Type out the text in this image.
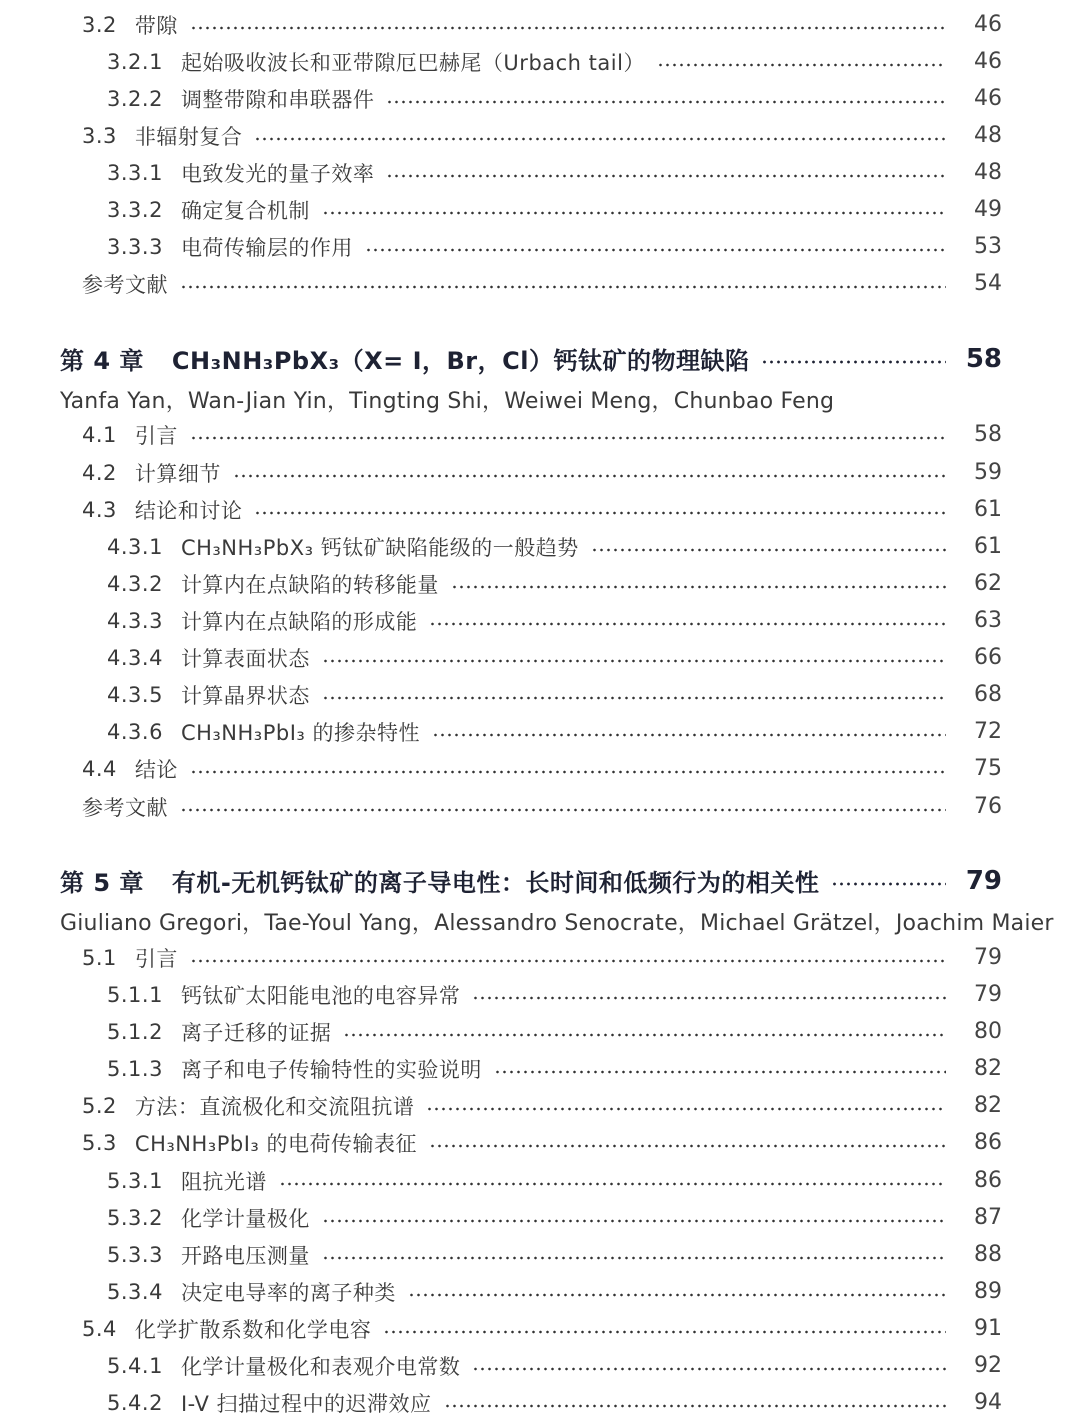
3.2 带隙	46
3.2.1 起始吸收波长和亚带隙厄巴赫尾（Urbach tail）	46
3.2.2 调整带隙和串联器件	46
3.3 非辐射复合	48
3.3.1 电致发光的量子效率	48
3.3.2 确定复合机制	49
3.3.3 电荷传输层的作用	53
参考文献	54
第 4 章 CH₃NH₃PbX₃（X= I，Br，Cl）钙钛矿的物理缺陷	58
Yanfa Yan，Wan-Jian Yin，Tingting Shi，Weiwei Meng，Chunbao Feng
4.1 引言	58
4.2 计算细节	59
4.3 结论和讨论	61
4.3.1 CH₃NH₃PbX₃ 钙钛矿缺陷能级的一般趋势	61
4.3.2 计算内在点缺陷的转移能量	62
4.3.3 计算内在点缺陷的形成能	63
4.3.4 计算表面状态	66
4.3.5 计算晶界状态	68
4.3.6 CH₃NH₃PbI₃ 的掺杂特性	72
4.4 结论	75
参考文献	76
第 5 章 有机-无机钙钛矿的离子导电性：长时间和低频行为的相关性	79
Giuliano Gregori，Tae-Youl Yang，Alessandro Senocrate，Michael Grätzel，Joachim Maier
5.1 引言	79
5.1.1 钙钛矿太阳能电池的电容异常	79
5.1.2 离子迁移的证据	80
5.1.3 离子和电子传输特性的实验说明	82
5.2 方法：直流极化和交流阻抗谱	82
5.3 CH₃NH₃PbI₃ 的电荷传输表征	86
5.3.1 阻抗光谱	86
5.3.2 化学计量极化	87
5.3.3 开路电压测量	88
5.3.4 决定电导率的离子种类	89
5.4 化学扩散系数和化学电容	91
5.4.1 化学计量极化和表观介电常数	92
5.4.2 I-V 扫描过程中的迟滞效应	94
